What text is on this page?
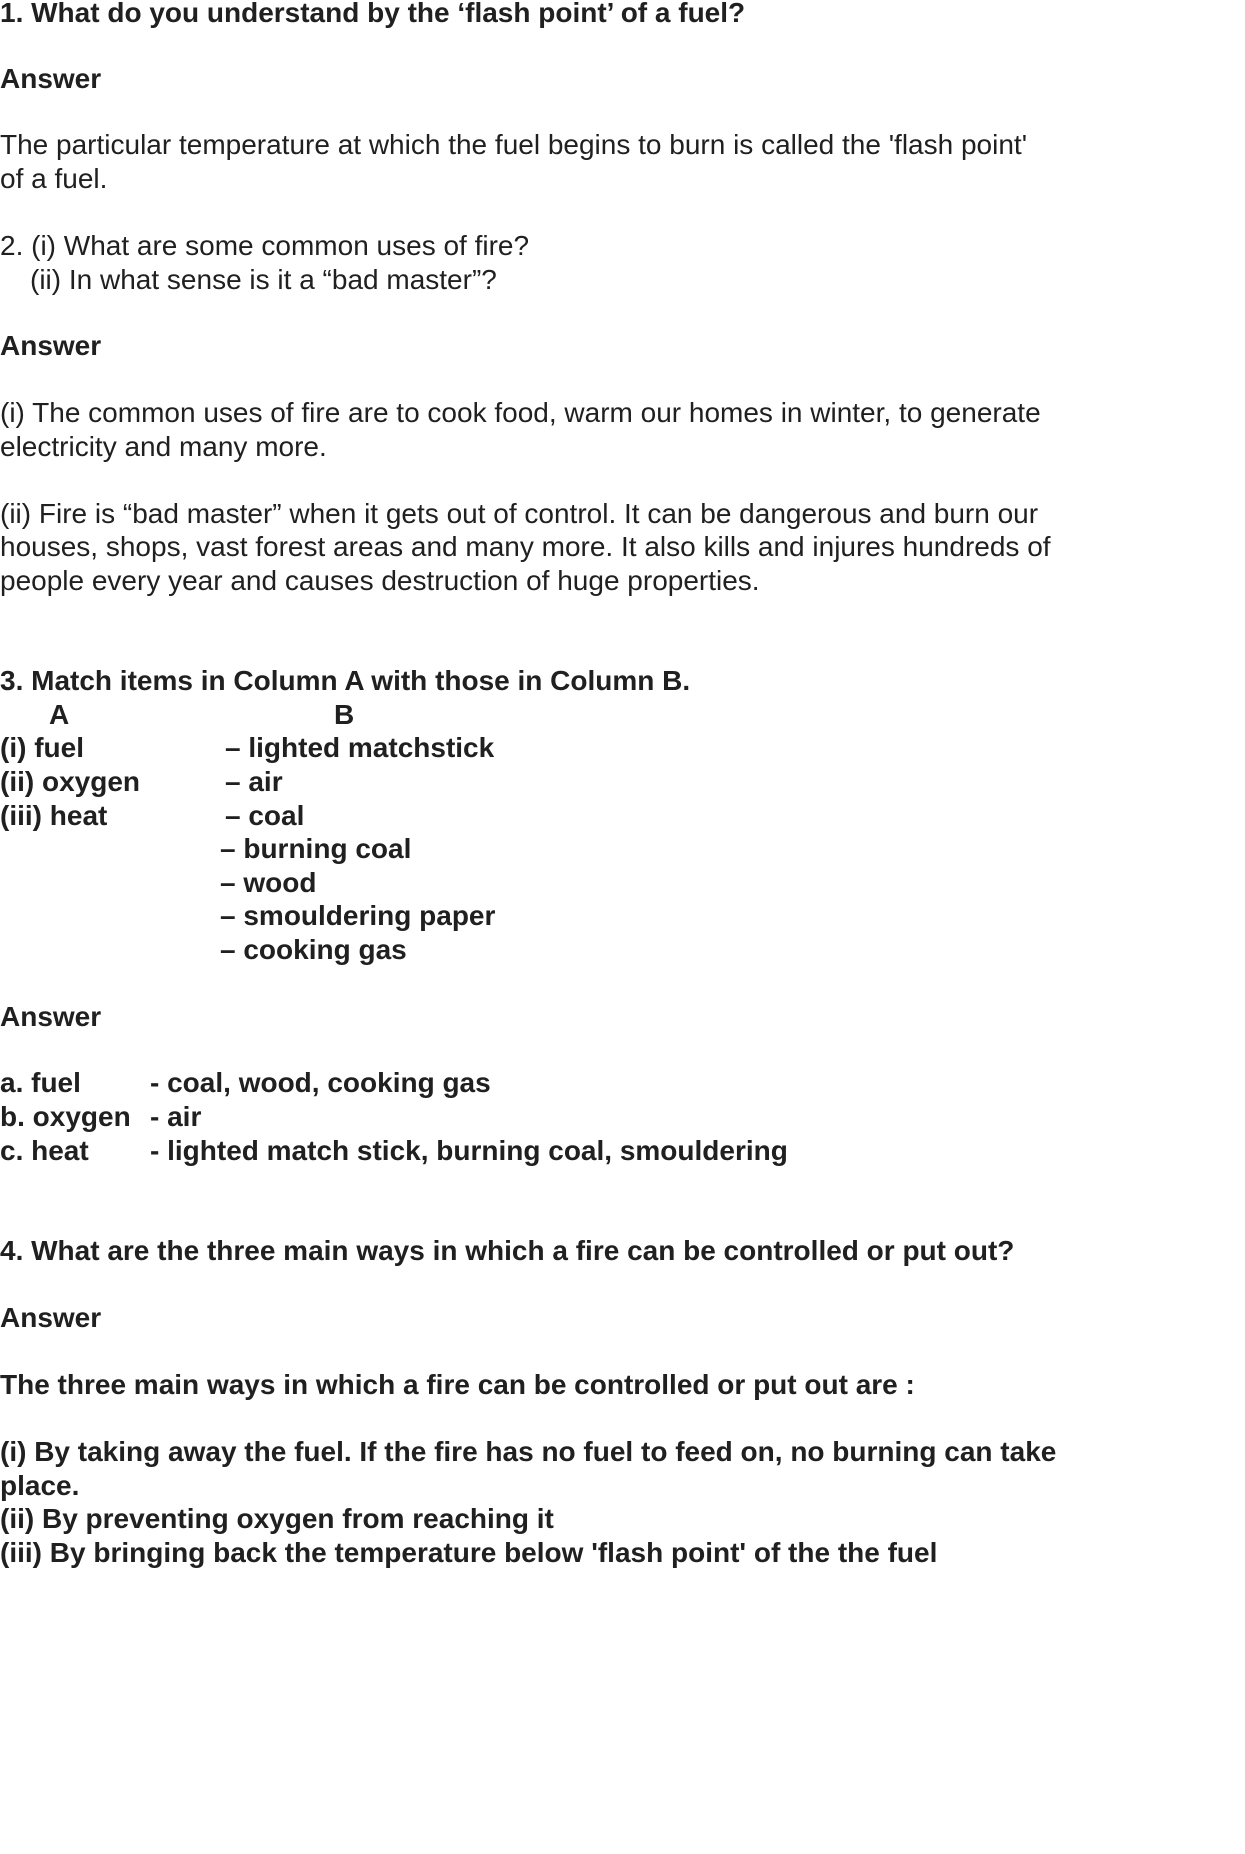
1. What do you understand by the ‘flash point’ of a fuel?
Answer
The particular temperature at which the fuel begins to burn is called the 'flash point'
of a fuel.
2. (i) What are some common uses of fire?
(ii) In what sense is it a “bad master”?
Answer
(i) The common uses of fire are to cook food, warm our homes in winter, to generate
electricity and many more.
(ii) Fire is “bad master” when it gets out of control. It can be dangerous and burn our
houses, shops, vast forest areas and many more. It also kills and injures hundreds of
people every year and causes destruction of huge properties.
3. Match items in Column A with those in Column B.
A	B
(i) fuel
(ii) oxygen
(iii) heat
– lighted matchstick
– air
– coal
– burning coal
– wood
– smouldering paper
– cooking gas
Answer
a. fuel - coal, wood, cooking gas
b. oxygen - air
c. heat - lighted match stick, burning coal, smouldering
4. What are the three main ways in which a fire can be controlled or put out?
Answer
The three main ways in which a fire can be controlled or put out are :
(i) By taking away the fuel. If the fire has no fuel to feed on, no burning can take
place.
(ii) By preventing oxygen from reaching it
(iii) By bringing back the temperature below 'flash point' of the the fuel
